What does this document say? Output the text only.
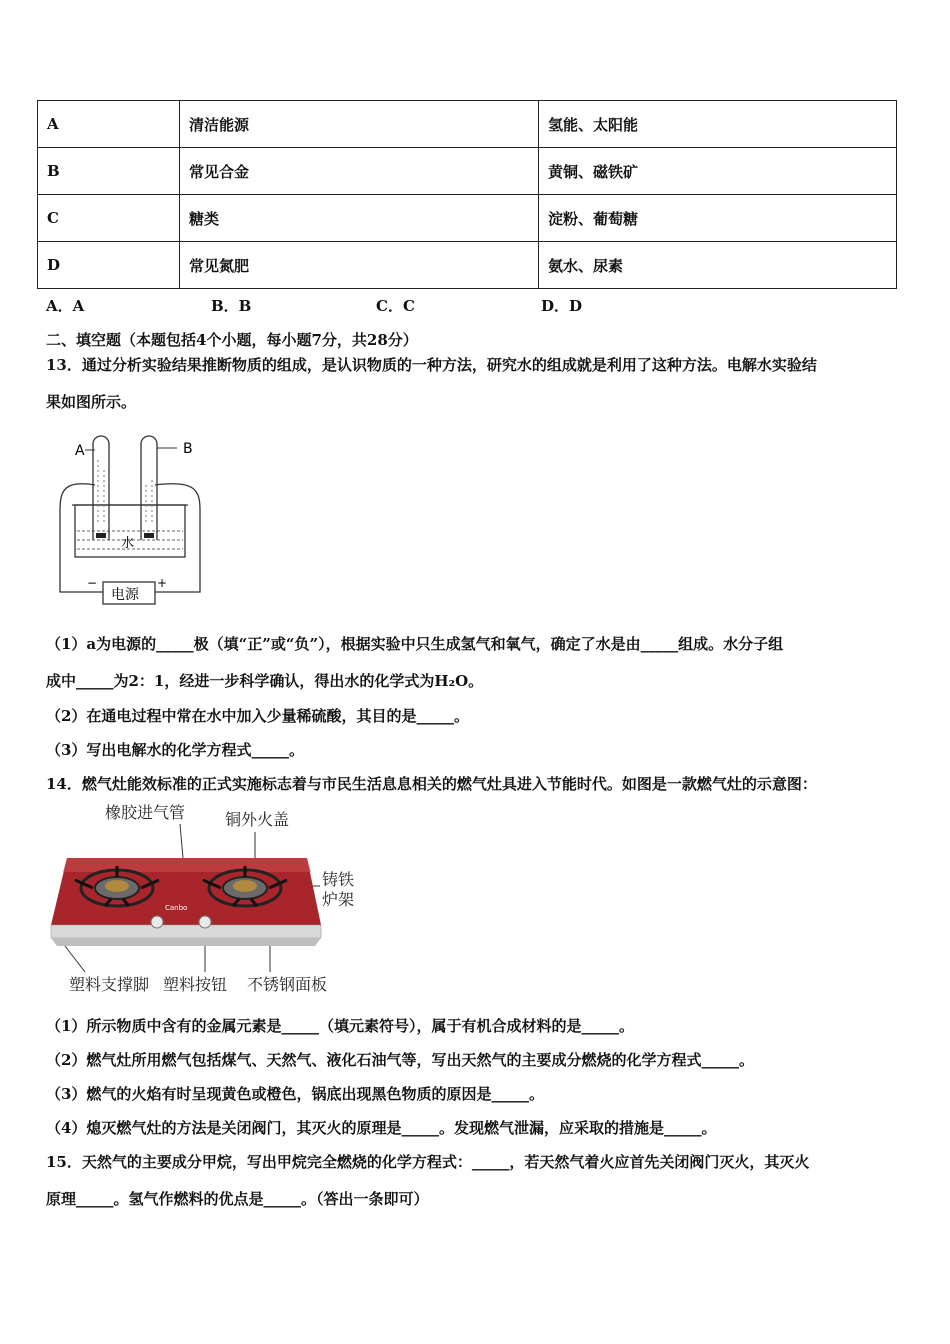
A	清洁能源	氢能、太阳能
B	常见合金	黄铜、磁铁矿
C	糖类	淀粉、葡萄糖
D	常见氮肥	氨水、尿素
A．A	B．B	C．C	D．D
二、填空题（本题包括4个小题，每小题7分，共28分）
13．通过分析实验结果推断物质的组成，是认识物质的一种方法，研究水的组成就是利用了这种方法。电解水实验结
果如图所示。
A	B
水
电源
−	+
（1）a为电源的_____极（填“正”或“负”），根据实验中只生成氢气和氧气，确定了水是由_____组成。水分子组
成中_____为2：1，经进一步科学确认，得出水的化学式为H₂O。
（2）在通电过程中常在水中加入少量稀硫酸，其目的是_____。
（3）写出电解水的化学方程式_____。
14．燃气灶能效标准的正式实施标志着与市民生活息息相关的燃气灶具进入节能时代。如图是一款燃气灶的示意图：
橡胶进气管 铜外火盖
铸铁
炉架
塑料支撑脚 塑料按钮 不锈钢面板
Canbo
（1）所示物质中含有的金属元素是_____（填元素符号），属于有机合成材料的是_____。
（2）燃气灶所用燃气包括煤气、天然气、液化石油气等，写出天然气的主要成分燃烧的化学方程式_____。
（3）燃气的火焰有时呈现黄色或橙色，锅底出现黑色物质的原因是_____。
（4）熄灭燃气灶的方法是关闭阀门，其灭火的原理是_____。发现燃气泄漏，应采取的措施是_____。
15．天然气的主要成分甲烷，写出甲烷完全燃烧的化学方程式：_____，若天然气着火应首先关闭阀门灭火，其灭火
原理_____。氢气作燃料的优点是_____。（答出一条即可）
